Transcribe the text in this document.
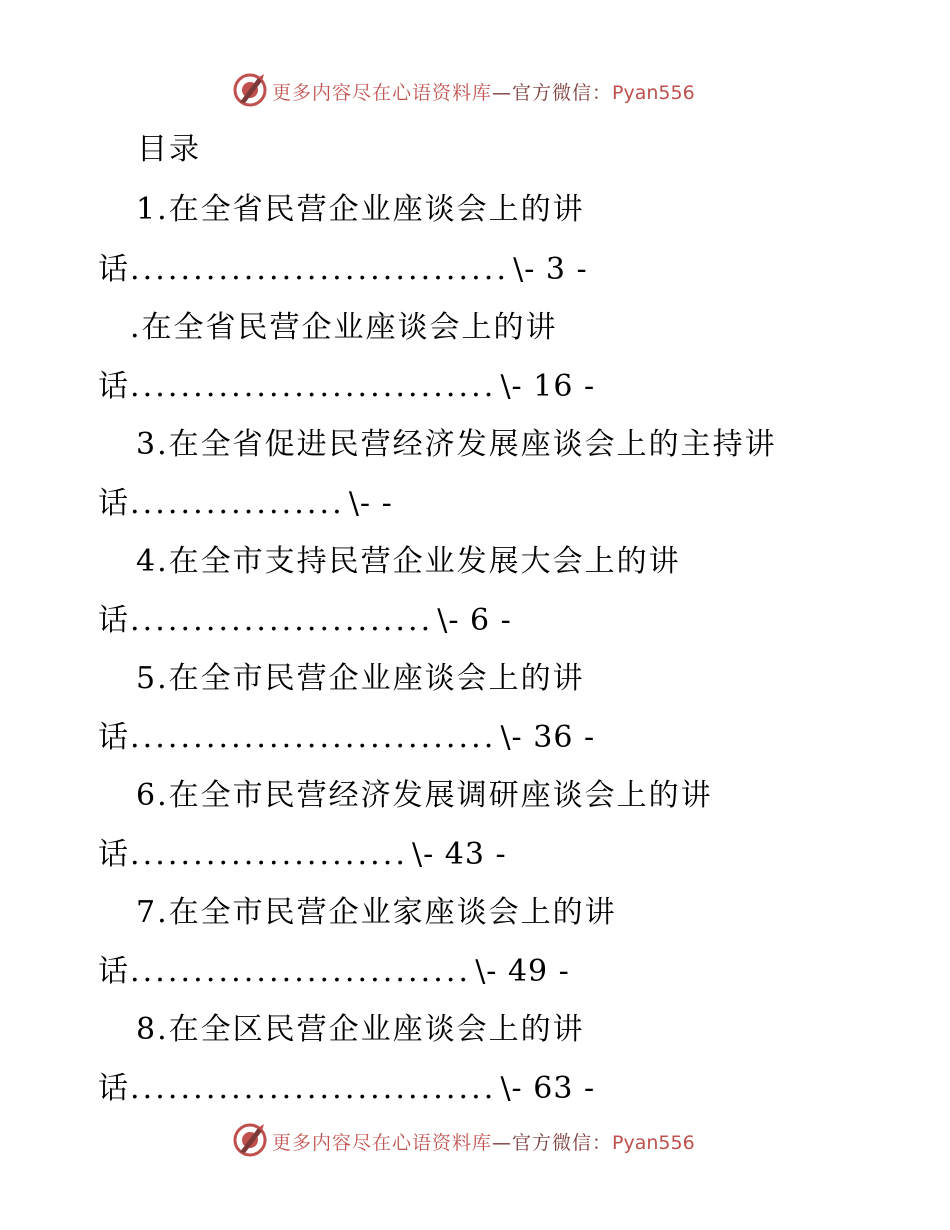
更多内容尽在心语资料库—官方微信：Pyan556
目录
1.在全省民营企业座谈会上的讲
话.............................. \- 3 -
.在全省民营企业座谈会上的讲
话............................. \- 16 -
3.在全省促进民营经济发展座谈会上的主持讲
话................. \- -
4.在全市支持民营企业发展大会上的讲
话........................ \- 6 -
5.在全市民营企业座谈会上的讲
话............................. \- 36 -
6.在全市民营经济发展调研座谈会上的讲
话...................... \- 43 -
7.在全市民营企业家座谈会上的讲
话........................... \- 49 -
8.在全区民营企业座谈会上的讲
话............................. \- 63 -
更多内容尽在心语资料库—官方微信：Pyan556
